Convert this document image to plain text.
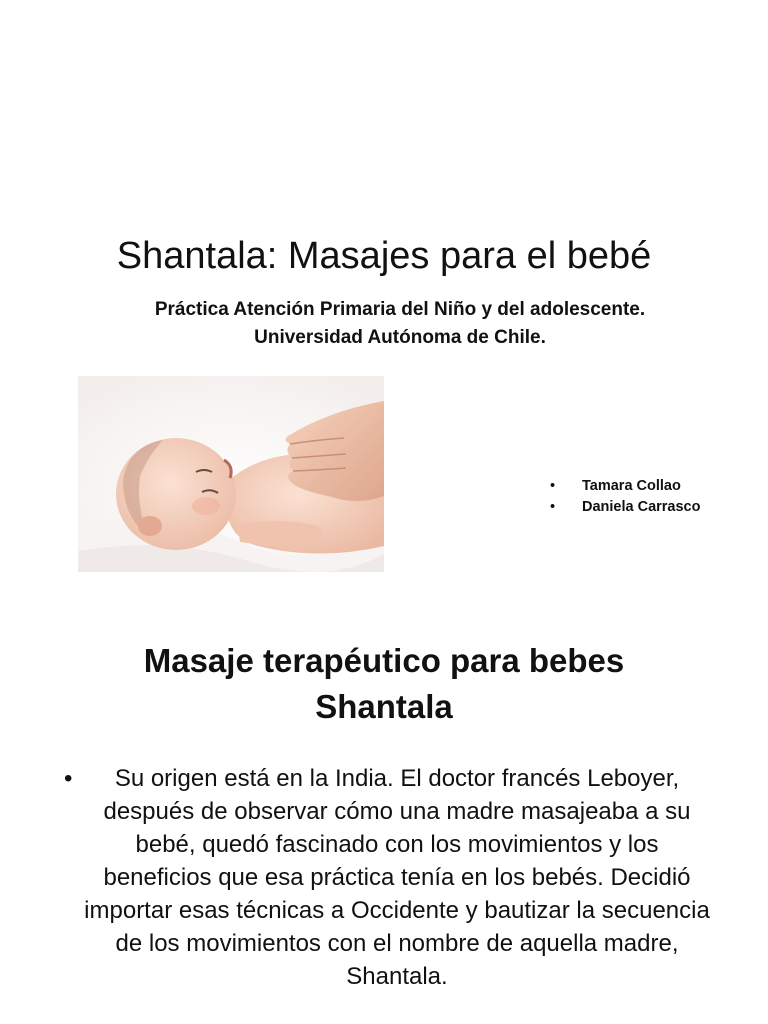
Shantala: Masajes para el bebé
Práctica Atención Primaria del Niño y del adolescente.
Universidad Autónoma de Chile.
• Tamara Collao
• Daniela Carrasco
Masaje terapéutico para bebes
Shantala
•	Su origen está en la India. El doctor francés Leboyer, después de observar cómo una madre masajeaba a su bebé, quedó fascinado con los movimientos y los beneficios que esa práctica tenía en los bebés. Decidió importar esas técnicas a Occidente y bautizar la secuencia de los movimientos con el nombre de aquella madre, Shantala.
